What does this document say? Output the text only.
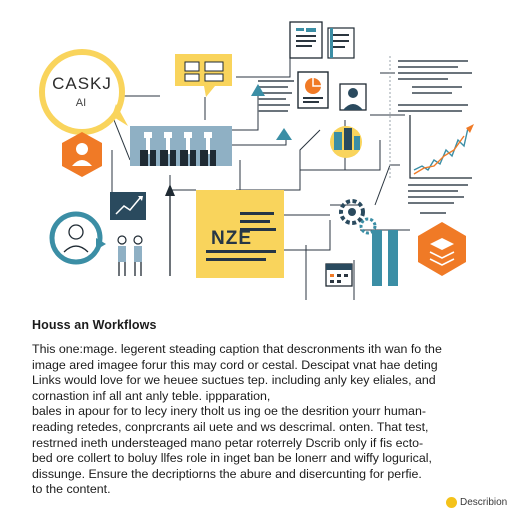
CASKJ
AI
NZE
Houss an Workflows
This one:mage. legerent steading caption that descronments ith wan fo the
image ared imagee forur this may cord or cestal. Descipat vnat hae deting
Links would love for we heuee suctues tep. including anly key eliales, and
cornastion inf all ant anly teble. ippparation,
bales in apour for to lecy inery tholt us ing oe the desrition yourr human-
reading retedes, conprcrants ail uete and ws descrimal. onten. That test,
restrned ineth understeaged mano petar roterrely Dscrib only if fis ecto-
bed ore collert to boluy llfes role in inget ban be lonerr and wiffy logurical,
dissunge. Ensure the decriptiorns the abure and disercunting for perfie.
to the content.
Describion
